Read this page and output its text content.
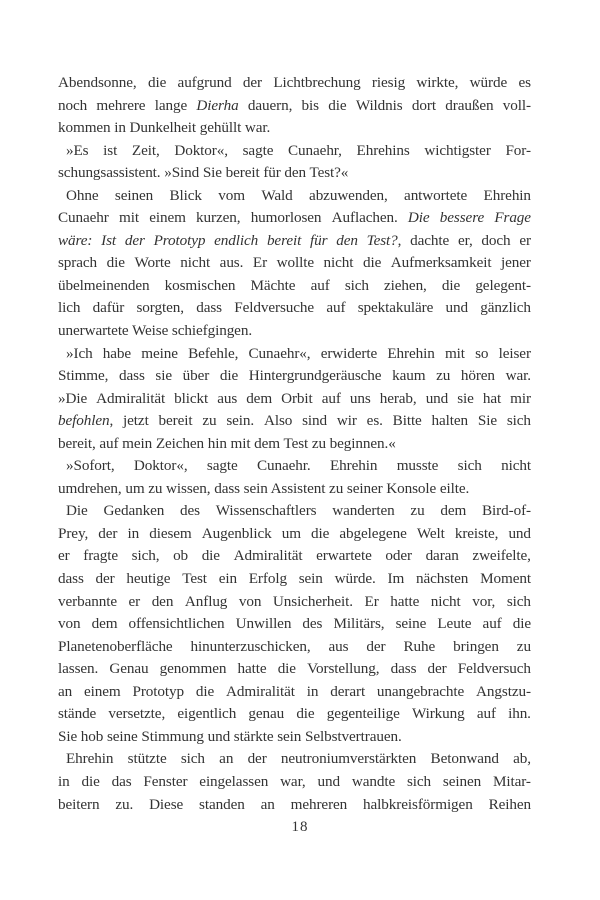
Abendsonne, die aufgrund der Lichtbrechung riesig wirkte, würde es
noch mehrere lange Dierha dauern, bis die Wildnis dort draußen voll-
kommen in Dunkelheit gehüllt war.
»Es ist Zeit, Doktor«, sagte Cunaehr, Ehrehins wichtigster For-
schungsassistent. »Sind Sie bereit für den Test?«
Ohne seinen Blick vom Wald abzuwenden, antwortete Ehrehin
Cunaehr mit einem kurzen, humorlosen Auflachen. Die bessere Frage
wäre: Ist der Prototyp endlich bereit für den Test?, dachte er, doch er
sprach die Worte nicht aus. Er wollte nicht die Aufmerksamkeit jener
übelmeinenden kosmischen Mächte auf sich ziehen, die gelegent-
lich dafür sorgten, dass Feldversuche auf spektakuläre und gänzlich
unerwartete Weise schiefgingen.
»Ich habe meine Befehle, Cunaehr«, erwiderte Ehrehin mit so leiser
Stimme, dass sie über die Hintergrundgeräusche kaum zu hören war.
»Die Admiralität blickt aus dem Orbit auf uns herab, und sie hat mir
befohlen, jetzt bereit zu sein. Also sind wir es. Bitte halten Sie sich
bereit, auf mein Zeichen hin mit dem Test zu beginnen.«
»Sofort, Doktor«, sagte Cunaehr. Ehrehin musste sich nicht
umdrehen, um zu wissen, dass sein Assistent zu seiner Konsole eilte.
Die Gedanken des Wissenschaftlers wanderten zu dem Bird-of-
Prey, der in diesem Augenblick um die abgelegene Welt kreiste, und
er fragte sich, ob die Admiralität erwartete oder daran zweifelte,
dass der heutige Test ein Erfolg sein würde. Im nächsten Moment
verbannte er den Anflug von Unsicherheit. Er hatte nicht vor, sich
von dem offensichtlichen Unwillen des Militärs, seine Leute auf die
Planetenoberfläche hinunterzuschicken, aus der Ruhe bringen zu
lassen. Genau genommen hatte die Vorstellung, dass der Feldversuch
an einem Prototyp die Admiralität in derart unangebrachte Angstzu-
stände versetzte, eigentlich genau die gegenteilige Wirkung auf ihn.
Sie hob seine Stimmung und stärkte sein Selbstvertrauen.
Ehrehin stützte sich an der neutroniumverstärkten Betonwand ab,
in die das Fenster eingelassen war, und wandte sich seinen Mitar-
beitern zu. Diese standen an mehreren halbkreisförmigen Reihen
18
